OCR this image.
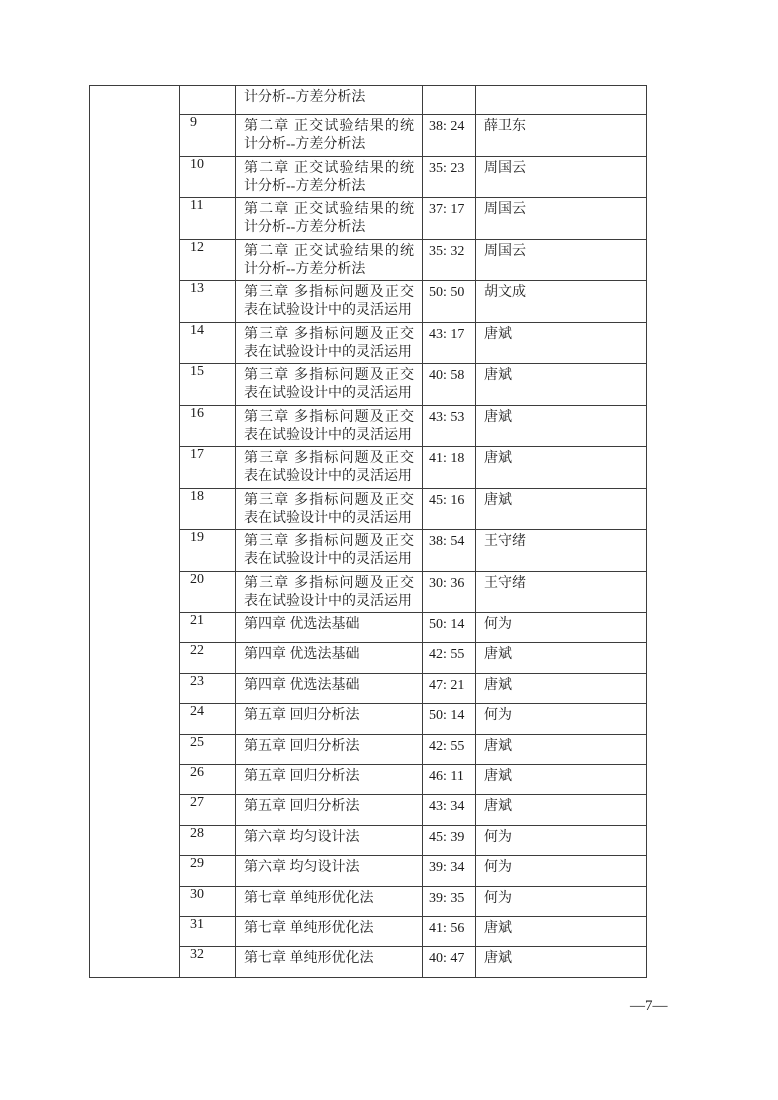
		计分析--方差分析法		
	9	第二章 正交试验结果的统计分析--方差分析法	38: 24	薛卫东
	10	第二章 正交试验结果的统计分析--方差分析法	35: 23	周国云
	11	第二章 正交试验结果的统计分析--方差分析法	37: 17	周国云
	12	第二章 正交试验结果的统计分析--方差分析法	35: 32	周国云
	13	第三章 多指标问题及正交表在试验设计中的灵活运用	50: 50	胡文成
	14	第三章 多指标问题及正交表在试验设计中的灵活运用	43: 17	唐斌
	15	第三章 多指标问题及正交表在试验设计中的灵活运用	40: 58	唐斌
	16	第三章 多指标问题及正交表在试验设计中的灵活运用	43: 53	唐斌
	17	第三章 多指标问题及正交表在试验设计中的灵活运用	41: 18	唐斌
	18	第三章 多指标问题及正交表在试验设计中的灵活运用	45: 16	唐斌
	19	第三章 多指标问题及正交表在试验设计中的灵活运用	38: 54	王守绪
	20	第三章 多指标问题及正交表在试验设计中的灵活运用	30: 36	王守绪
	21	第四章 优选法基础	50: 14	何为
	22	第四章 优选法基础	42: 55	唐斌
	23	第四章 优选法基础	47: 21	唐斌
	24	第五章 回归分析法	50: 14	何为
	25	第五章 回归分析法	42: 55	唐斌
	26	第五章 回归分析法	46: 11	唐斌
	27	第五章 回归分析法	43: 34	唐斌
	28	第六章 均匀设计法	45: 39	何为
	29	第六章 均匀设计法	39: 34	何为
	30	第七章 单纯形优化法	39: 35	何为
	31	第七章 单纯形优化法	41: 56	唐斌
	32	第七章 单纯形优化法	40: 47	唐斌
—7—
